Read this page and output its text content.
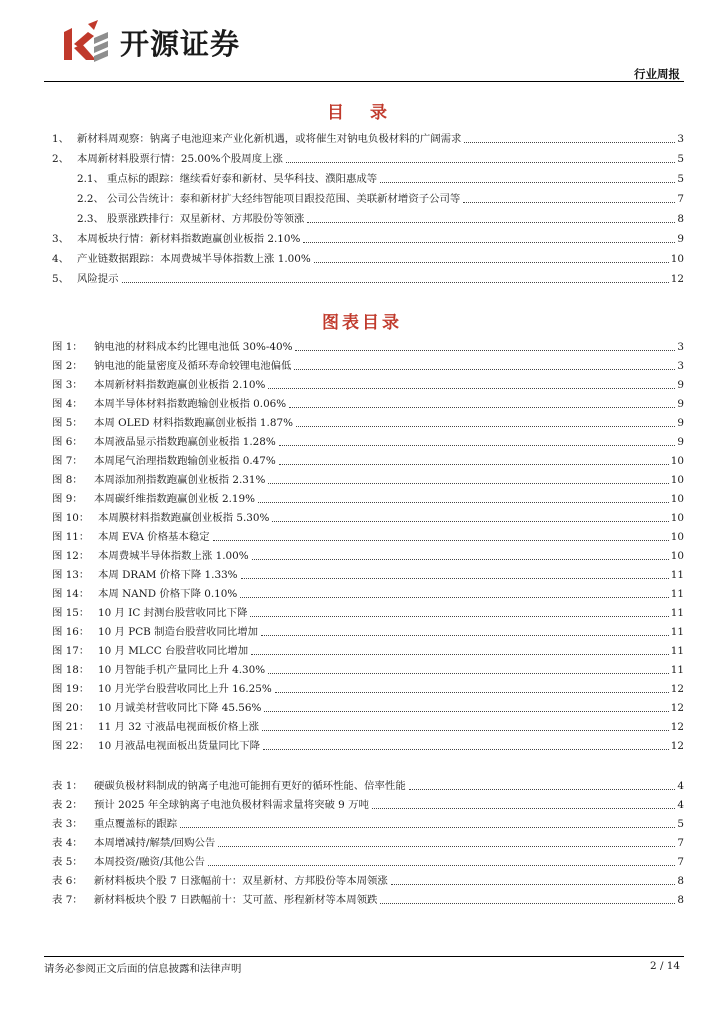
开源证券
行业周报
目 录
1、 新材料周观察：钠离子电池迎来产业化新机遇，或将催生对钠电负极材料的广阔需求	3
2、 本周新材料股票行情：25.00%个股周度上涨	5
2.1、 重点标的跟踪：继续看好泰和新材、昊华科技、濮阳惠成等	5
2.2、 公司公告统计：泰和新材扩大经纬智能项目跟投范围、美联新材增资子公司等	7
2.3、 股票涨跌排行：双星新材、方邦股份等领涨	8
3、 本周板块行情：新材料指数跑赢创业板指 2.10%	9
4、 产业链数据跟踪：本周费城半导体指数上涨 1.00%	10
5、 风险提示	12
图表目录
图 1：	钠电池的材料成本约比锂电池低 30%-40%	3
图 2：	钠电池的能量密度及循环寿命较锂电池偏低	3
图 3：	本周新材料指数跑赢创业板指 2.10%	9
图 4：	本周半导体材料指数跑输创业板指 0.06%	9
图 5：	本周 OLED 材料指数跑赢创业板指 1.87%	9
图 6：	本周液晶显示指数跑赢创业板指 1.28%	9
图 7：	本周尾气治理指数跑输创业板指 0.47%	10
图 8：	本周添加剂指数跑赢创业板指 2.31%	10
图 9：	本周碳纤维指数跑赢创业板 2.19%	10
图 10： 本周膜材料指数跑赢创业板指 5.30%	10
图 11： 本周 EVA 价格基本稳定	10
图 12： 本周费城半导体指数上涨 1.00%	10
图 13： 本周 DRAM 价格下降 1.33%	11
图 14： 本周 NAND 价格下降 0.10%	11
图 15： 10 月 IC 封测台股营收同比下降	11
图 16： 10 月 PCB 制造台股营收同比增加	11
图 17： 10 月 MLCC 台股营收同比增加	11
图 18： 10 月智能手机产量同比上升 4.30%	11
图 19： 10 月光学台股营收同比上升 16.25%	12
图 20： 10 月诚美材营收同比下降 45.56%	12
图 21： 11 月 32 寸液晶电视面板价格上涨	12
图 22： 10 月液晶电视面板出货量同比下降	12
表 1：	硬碳负极材料制成的钠离子电池可能拥有更好的循环性能、倍率性能	4
表 2：	预计 2025 年全球钠离子电池负极材料需求量将突破 9 万吨	4
表 3：	重点覆盖标的跟踪	5
表 4：	本周增减持/解禁/回购公告	7
表 5：	本周投资/融资/其他公告	7
表 6：	新材料板块个股 7 日涨幅前十：双星新材、方邦股份等本周领涨	8
表 7：	新材料板块个股 7 日跌幅前十：艾可蓝、彤程新材等本周领跌	8
请务必参阅正文后面的信息披露和法律声明	2 / 14
